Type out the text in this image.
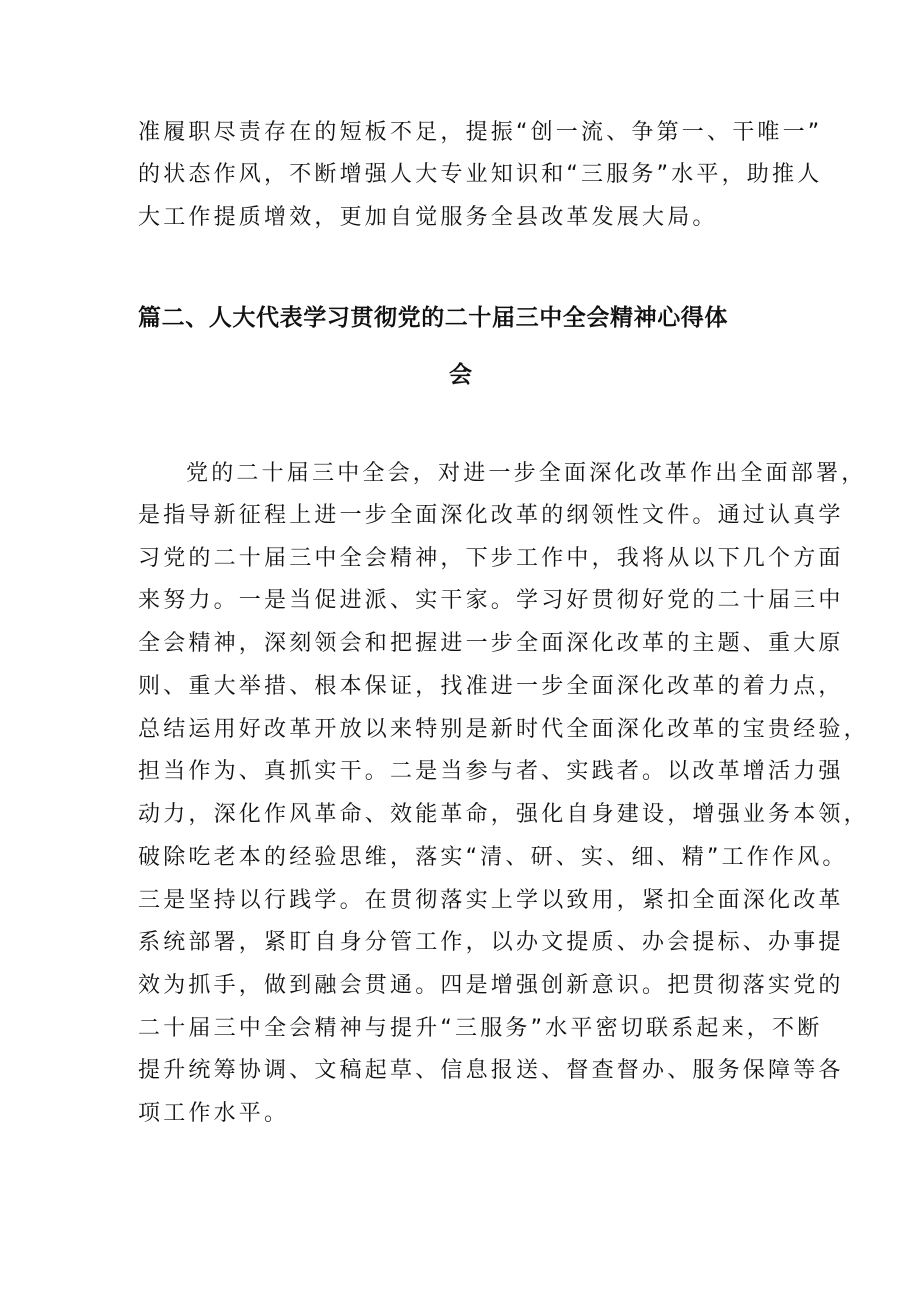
准履职尽责存在的短板不足，提振“创一流、争第一、干唯一”
的状态作风，不断增强人大专业知识和“三服务”水平，助推人
大工作提质增效，更加自觉服务全县改革发展大局。
篇二、人大代表学习贯彻党的二十届三中全会精神心得体
会
党的二十届三中全会，对进一步全面深化改革作出全面部署，
是指导新征程上进一步全面深化改革的纲领性文件。通过认真学
习党的二十届三中全会精神，下步工作中，我将从以下几个方面
来努力。一是当促进派、实干家。学习好贯彻好党的二十届三中
全会精神，深刻领会和把握进一步全面深化改革的主题、重大原
则、重大举措、根本保证，找准进一步全面深化改革的着力点，
总结运用好改革开放以来特别是新时代全面深化改革的宝贵经验，
担当作为、真抓实干。二是当参与者、实践者。以改革增活力强
动力，深化作风革命、效能革命，强化自身建设，增强业务本领，
破除吃老本的经验思维，落实“清、研、实、细、精”工作作风。
三是坚持以行践学。在贯彻落实上学以致用，紧扣全面深化改革
系统部署，紧盯自身分管工作，以办文提质、办会提标、办事提
效为抓手，做到融会贯通。四是增强创新意识。把贯彻落实党的
二十届三中全会精神与提升“三服务”水平密切联系起来，不断
提升统筹协调、文稿起草、信息报送、督查督办、服务保障等各
项工作水平。
